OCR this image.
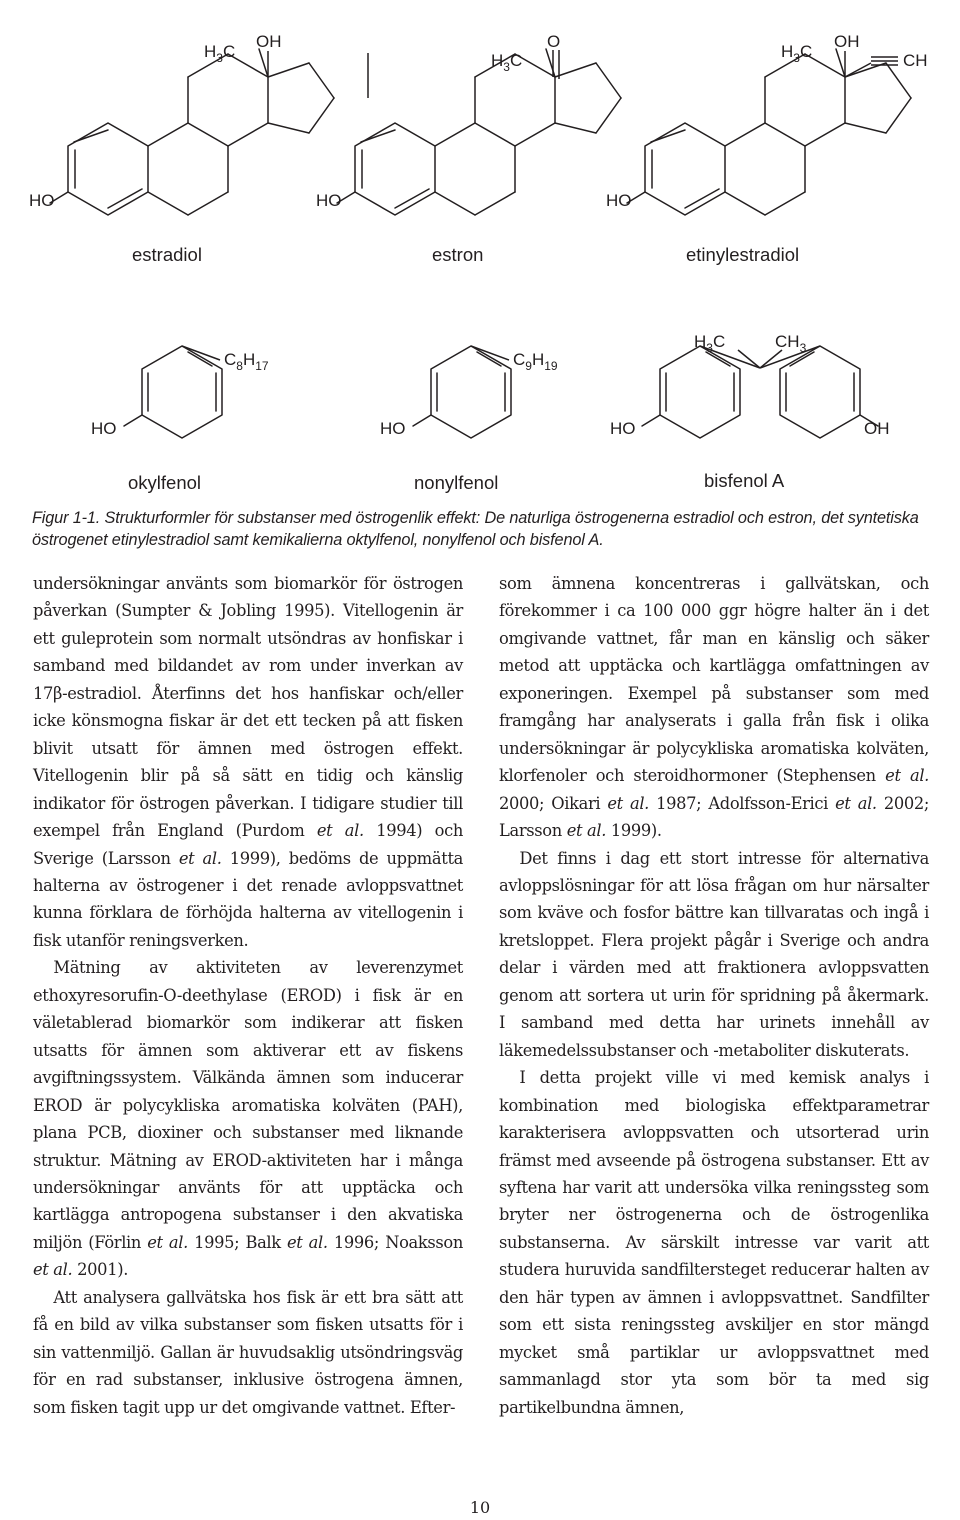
HO
$H_3C$
OH
estradiol
HO
$H_3C$
O
estron
HO
$H_3C$
OH
CH
etinylestradiol
$C_8H_{17}$
HO
okylfenol
$C_9H_{19}$
HO
nonylfenol
$H_3C$	$CH_3$
HO	OH
bisfenol A
Figur 1-1. Strukturformler för substanser med östrogenlik effekt: De naturliga östrogenerna estradiol och estron, det syntetiska östrogenet etinylestradiol samt kemikalierna oktylfenol, nonylfenol och bisfenol A.

undersökningar använts som biomarkör för östrogen påverkan (Sumpter & Jobling 1995). Vitellogenin är ett guleprotein som normalt utsöndras av honfiskar i samband med bildandet av rom under inverkan av 17β-estradiol. Återfinns det hos hanfiskar och/eller icke könsmogna fiskar är det ett tecken på att fisken blivit utsatt för ämnen med östrogen effekt. Vitellogenin blir på så sätt en tidig och känslig indikator för östrogen påverkan. I tidigare studier till exempel från England (Purdom et al. 1994) och Sverige (Larsson et al. 1999), bedöms de uppmätta halterna av östrogener i det renade avloppsvattnet kunna förklara de förhöjda halterna av vitellogenin i fisk utanför reningsverken.

Mätning av aktiviteten av leverenzymet ethoxyresorufin-O-deethylase (EROD) i fisk är en väletablerad biomarkör som indikerar att fisken utsatts för ämnen som aktiverar ett av fiskens avgiftningssystem. Välkända ämnen som inducerar EROD är polycykliska aromatiska kolväten (PAH), plana PCB, dioxiner och substanser med liknande struktur. Mätning av EROD-aktiviteten har i många undersökningar använts för att upptäcka och kartlägga antropogena substanser i den akvatiska miljön (Förlin et al. 1995; Balk et al. 1996; Noaksson et al. 2001).

Att analysera gallvätska hos fisk är ett bra sätt att få en bild av vilka substanser som fisken utsatts för i sin vattenmiljö. Gallan är huvudsaklig utsöndringsväg för en rad substanser, inklusive östrogena ämnen, som fisken tagit upp ur det omgivande vattnet. Efter-

som ämnena koncentreras i gallvätskan, och förekommer i ca 100 000 ggr högre halter än i det omgivande vattnet, får man en känslig och säker metod att upptäcka och kartlägga omfattningen av exponeringen. Exempel på substanser som med framgång har analyserats i galla från fisk i olika undersökningar är polycykliska aromatiska kolväten, klorfenoler och steroidhormoner (Stephensen et al. 2000; Oikari et al. 1987; Adolfsson-Erici et al. 2002; Larsson et al. 1999).

Det finns i dag ett stort intresse för alternativa avloppslösningar för att lösa frågan om hur närsalter som kväve och fosfor bättre kan tillvaratas och ingå i kretsloppet. Flera projekt pågår i Sverige och andra delar i värden med att fraktionera avloppsvatten genom att sortera ut urin för spridning på åkermark. I samband med detta har urinets innehåll av läkemedelssubstanser och -metaboliter diskuterats.

I detta projekt ville vi med kemisk analys i kombination med biologiska effektparametrar karakterisera avloppsvatten och utsorterad urin främst med avseende på östrogena substanser. Ett av syftena har varit att undersöka vilka reningssteg som bryter ner östrogenerna och de östrogenlika substanserna. Av särskilt intresse var varit att studera huruvida sandfiltersteget reducerar halten av den här typen av ämnen i avloppsvattnet. Sandfilter som ett sista reningssteg avskiljer en stor mängd mycket små partiklar ur avloppsvattnet med sammanlagd stor yta som bör ta med sig partikelbundna ämnen,

10
